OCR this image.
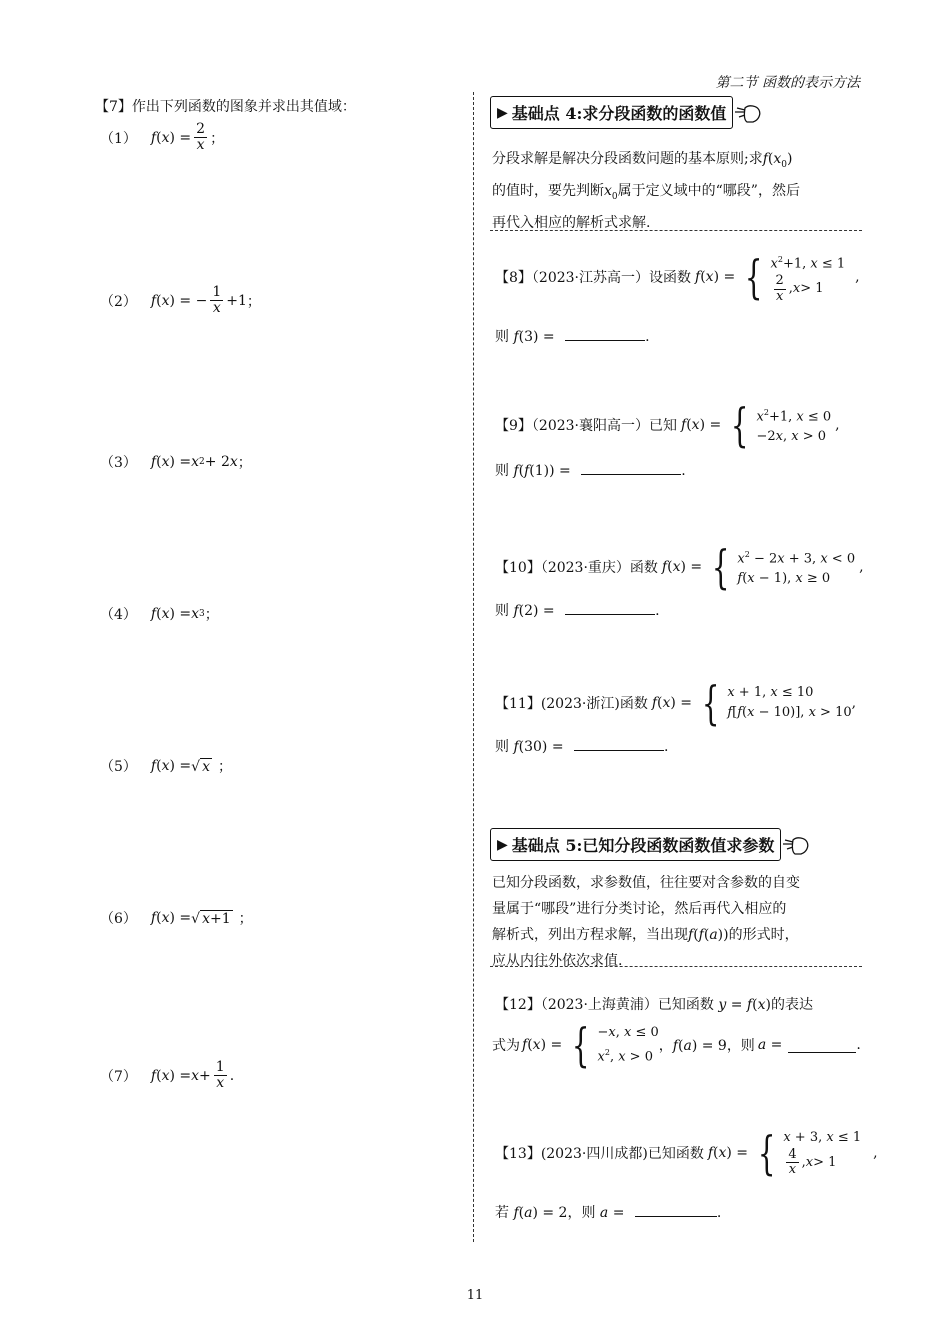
第二节 函数的表示方法
【7】作出下列函数的图象并求出其值域：
（1） f ( x ) = $\frac{2}{x}$ ；
（2） f ( x ) = − $\frac{1}{x} +1$ ；
（3） f ( x ) = x 2 + 2 x ；
（4） f ( x ) = x 3 ；
（5） f ( x ) = √ x ；
（6） f ( x ) = √ x+1 ；
（7） f ( x ) = $x + \frac{1}{x}$ .
▶ 基础点 4:求分段函数的函数值
分段求解是解决分段函数问题的基本原则;求$f(x_0)$
的值时，要先判断$x_0$属于定义域中的“哪段”，然后
再代入相应的解析式求解.
【8】（2023·江苏高一）设函数 f(x) = { $x^2+1$, x ≤ 1
$\frac{2}{x}$ , x > 1
,
则 f(3) =	.
【9】（2023·襄阳高一）已知 f(x) = { $x^2+1$, x ≤ 0
−2x, x > 0
,
则 f(f(1)) =	.
【10】（2023·重庆）函数 f(x) = { $x^2 - 2x + 3$, x < 0
f(x − 1), x ≥ 0
,
则 f(2) =	.
【11】(2023·浙江)函数 f(x) = { x + 1, x ≤ 10
f[f(x − 10)], x > 10
,
则 f(30) =	.
▶ 基础点 5:已知分段函数函数值求参数
已知分段函数，求参数值，往往要对含参数的自变
量属于“哪段”进行分类讨论，然后再代入相应的
解析式，列出方程求解，当出现f(f(a))的形式时，
应从内往外依次求值.
【12】（2023·上海黄浦）已知函数 y = f(x)的表达
式为 f(x) = { −x, x ≤ 0
$x^2$, x > 0
，f(a) = 9 ，则 a =	.
【13】(2023·四川成都)已知函数 f(x) = { x + 3, x ≤ 1
$\frac{4}{x}$ , x > 1
,
若 f(a) = 2，则 a =	.
11
